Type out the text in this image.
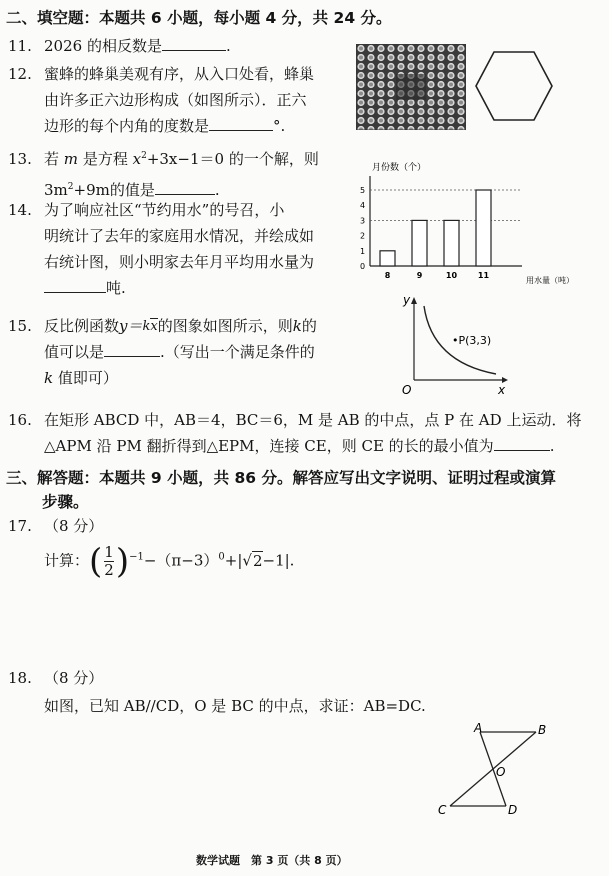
二、填空题：本题共 6 小题，每小题 4 分，共 24 分。
11. 2026 的相反数是	.
12. 蜜蜂的蜂巢美观有序，从入口处看，蜂巢
由许多正六边形构成（如图所示）．正六
边形的每个内角的度数是	°.
13. 若 m 是方程 $x^2+3x-1=0$ 的一个解，则
$3m^2+9m$的值是	.
14. 为了响应社区“节约用水”的号召，小
明统计了去年的家庭用水情况，并绘成如
右统计图，则小明家去年月平均用水量为
吨.
月份数（个）
0
1
2
3
4
5
8	9	10	11
用水量（吨）
15. 反比例函数y＝kx的图象如图所示，则k的
值可以是	.（写出一个满足条件的
k 值即可）
y
x
O
•P(3,3)
16. 在矩形 ABCD 中，AB＝4，BC＝6，M 是 AB 的中点，点 P 在 AD 上运动．将
△APM 沿 PM 翻折得到△EPM，连接 CE，则 CE 的长的最小值为	.
三、解答题：本题共 9 小题，共 86 分。解答应写出文字说明、证明过程或演算
步骤。
17. （8 分）
计算：( $\frac{1}{2} )^{-1}-(\pi-3)^0+|√2-1|$.
18. （8 分）
如图，已知 AB//CD，O 是 BC 的中点，求证：AB=DC.
A	B
C	D
O
数学试题　第 3 页（共 8 页）
